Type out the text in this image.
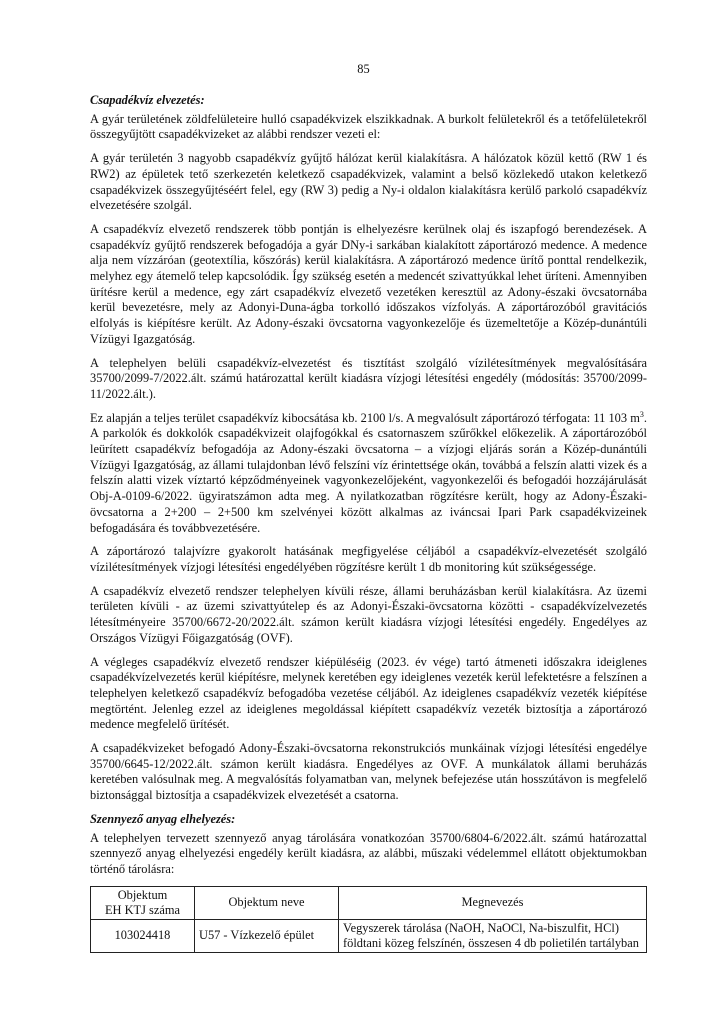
85
Csapadékvíz elvezetés:

A gyár területének zöldfelületeire hulló csapadékvizek elszikkadnak. A burkolt felületekről és a tetőfelületekről összegyűjtött csapadékvizeket az alábbi rendszer vezeti el:

A gyár területén 3 nagyobb csapadékvíz gyűjtő hálózat kerül kialakításra. A hálózatok közül kettő (RW 1 és RW2) az épületek tető szerkezetén keletkező csapadékvizek, valamint a belső közlekedő utakon keletkező csapadékvizek összegyűjtéséért felel, egy (RW 3) pedig a Ny-i oldalon kialakításra kerülő parkoló csapadékvíz elvezetésére szolgál.

A csapadékvíz elvezető rendszerek több pontján is elhelyezésre kerülnek olaj és iszapfogó berendezések. A csapadékvíz gyűjtő rendszerek befogadója a gyár DNy-i sarkában kialakított záportározó medence. A medence alja nem vízzáróan (geotextília, kőszórás) kerül kialakításra. A záportározó medence ürítő ponttal rendelkezik, melyhez egy átemelő telep kapcsolódik. Így szükség esetén a medencét szivattyúkkal lehet üríteni. Amennyiben ürítésre kerül a medence, egy zárt csapadékvíz elvezető vezetéken keresztül az Adony-északi övcsatornába kerül bevezetésre, mely az Adonyi-Duna-ágba torkolló időszakos vízfolyás. A záportározóból gravitációs elfolyás is kiépítésre került. Az Adony-északi övcsatorna vagyonkezelője és üzemeltetője a Közép-dunántúli Vízügyi Igazgatóság.

A telephelyen belüli csapadékvíz-elvezetést és tisztítást szolgáló vízilétesítmények megvalósítására 35700/2099-7/2022.ált. számú határozattal került kiadásra vízjogi létesítési engedély (módosítás: 35700/2099-11/2022.ált.).

Ez alapján a teljes terület csapadékvíz kibocsátása kb. 2100 l/s. A megvalósult záportározó térfogata: 11 103 $m^3$. A parkolók és dokkolók csapadékvizeit olajfogókkal és csatornaszem szűrőkkel előkezelik. A záportározóból leürített csapadékvíz befogadója az Adony-északi övcsatorna – a vízjogi eljárás során a Közép-dunántúli Vízügyi Igazgatóság, az állami tulajdonban lévő felszíni víz érintettsége okán, továbbá a felszín alatti vizek és a felszín alatti vizek víztartó képződményeinek vagyonkezelőjeként, vagyonkezelői és befogadói hozzájárulását Obj-A-0109-6/2022. ügyiratszámon adta meg. A nyilatkozatban rögzítésre került, hogy az Adony-Északi-övcsatorna a 2+200 – 2+500 km szelvényei között alkalmas az iváncsai Ipari Park csapadékvizeinek befogadására és továbbvezetésére.

A záportározó talajvízre gyakorolt hatásának megfigyelése céljából a csapadékvíz-elvezetését szolgáló vízilétesítmények vízjogi létesítési engedélyében rögzítésre került 1 db monitoring kút szükségessége.

A csapadékvíz elvezető rendszer telephelyen kívüli része, állami beruházásban kerül kialakításra. Az üzemi területen kívüli - az üzemi szivattyútelep és az Adonyi-Északi-övcsatorna közötti - csapadékvízelvezetés létesítményeire 35700/6672-20/2022.ált. számon került kiadásra vízjogi létesítési engedély. Engedélyes az Országos Vízügyi Főigazgatóság (OVF).

A végleges csapadékvíz elvezető rendszer kiépüléséig (2023. év vége) tartó átmeneti időszakra ideiglenes csapadékvízelvezetés kerül kiépítésre, melynek keretében egy ideiglenes vezeték kerül lefektetésre a felszínen a telephelyen keletkező csapadékvíz befogadóba vezetése céljából. Az ideiglenes csapadékvíz vezeték kiépítése megtörtént. Jelenleg ezzel az ideiglenes megoldással kiépített csapadékvíz vezeték biztosítja a záportározó medence megfelelő ürítését.

A csapadékvizeket befogadó Adony-Északi-övcsatorna rekonstrukciós munkáinak vízjogi létesítési engedélye 35700/6645-12/2022.ált. számon került kiadásra. Engedélyes az OVF. A munkálatok állami beruházás keretében valósulnak meg. A megvalósítás folyamatban van, melynek befejezése után hosszútávon is megfelelő biztonsággal biztosítja a csapadékvizek elvezetését a csatorna.

Szennyező anyag elhelyezés:

A telephelyen tervezett szennyező anyag tárolására vonatkozóan 35700/6804-6/2022.ált. számú határozattal szennyező anyag elhelyezési engedély került kiadásra, az alábbi, műszaki védelemmel ellátott objektumokban történő tárolásra:

Objektum
EH KTJ száma	Objektum neve	Megnevezés
103024418	U57 - Vízkezelő épület	Vegyszerek tárolása (NaOH, NaOCl, Na-biszulfit, HCl) földtani közeg felszínén, összesen 4 db polietilén tartályban
